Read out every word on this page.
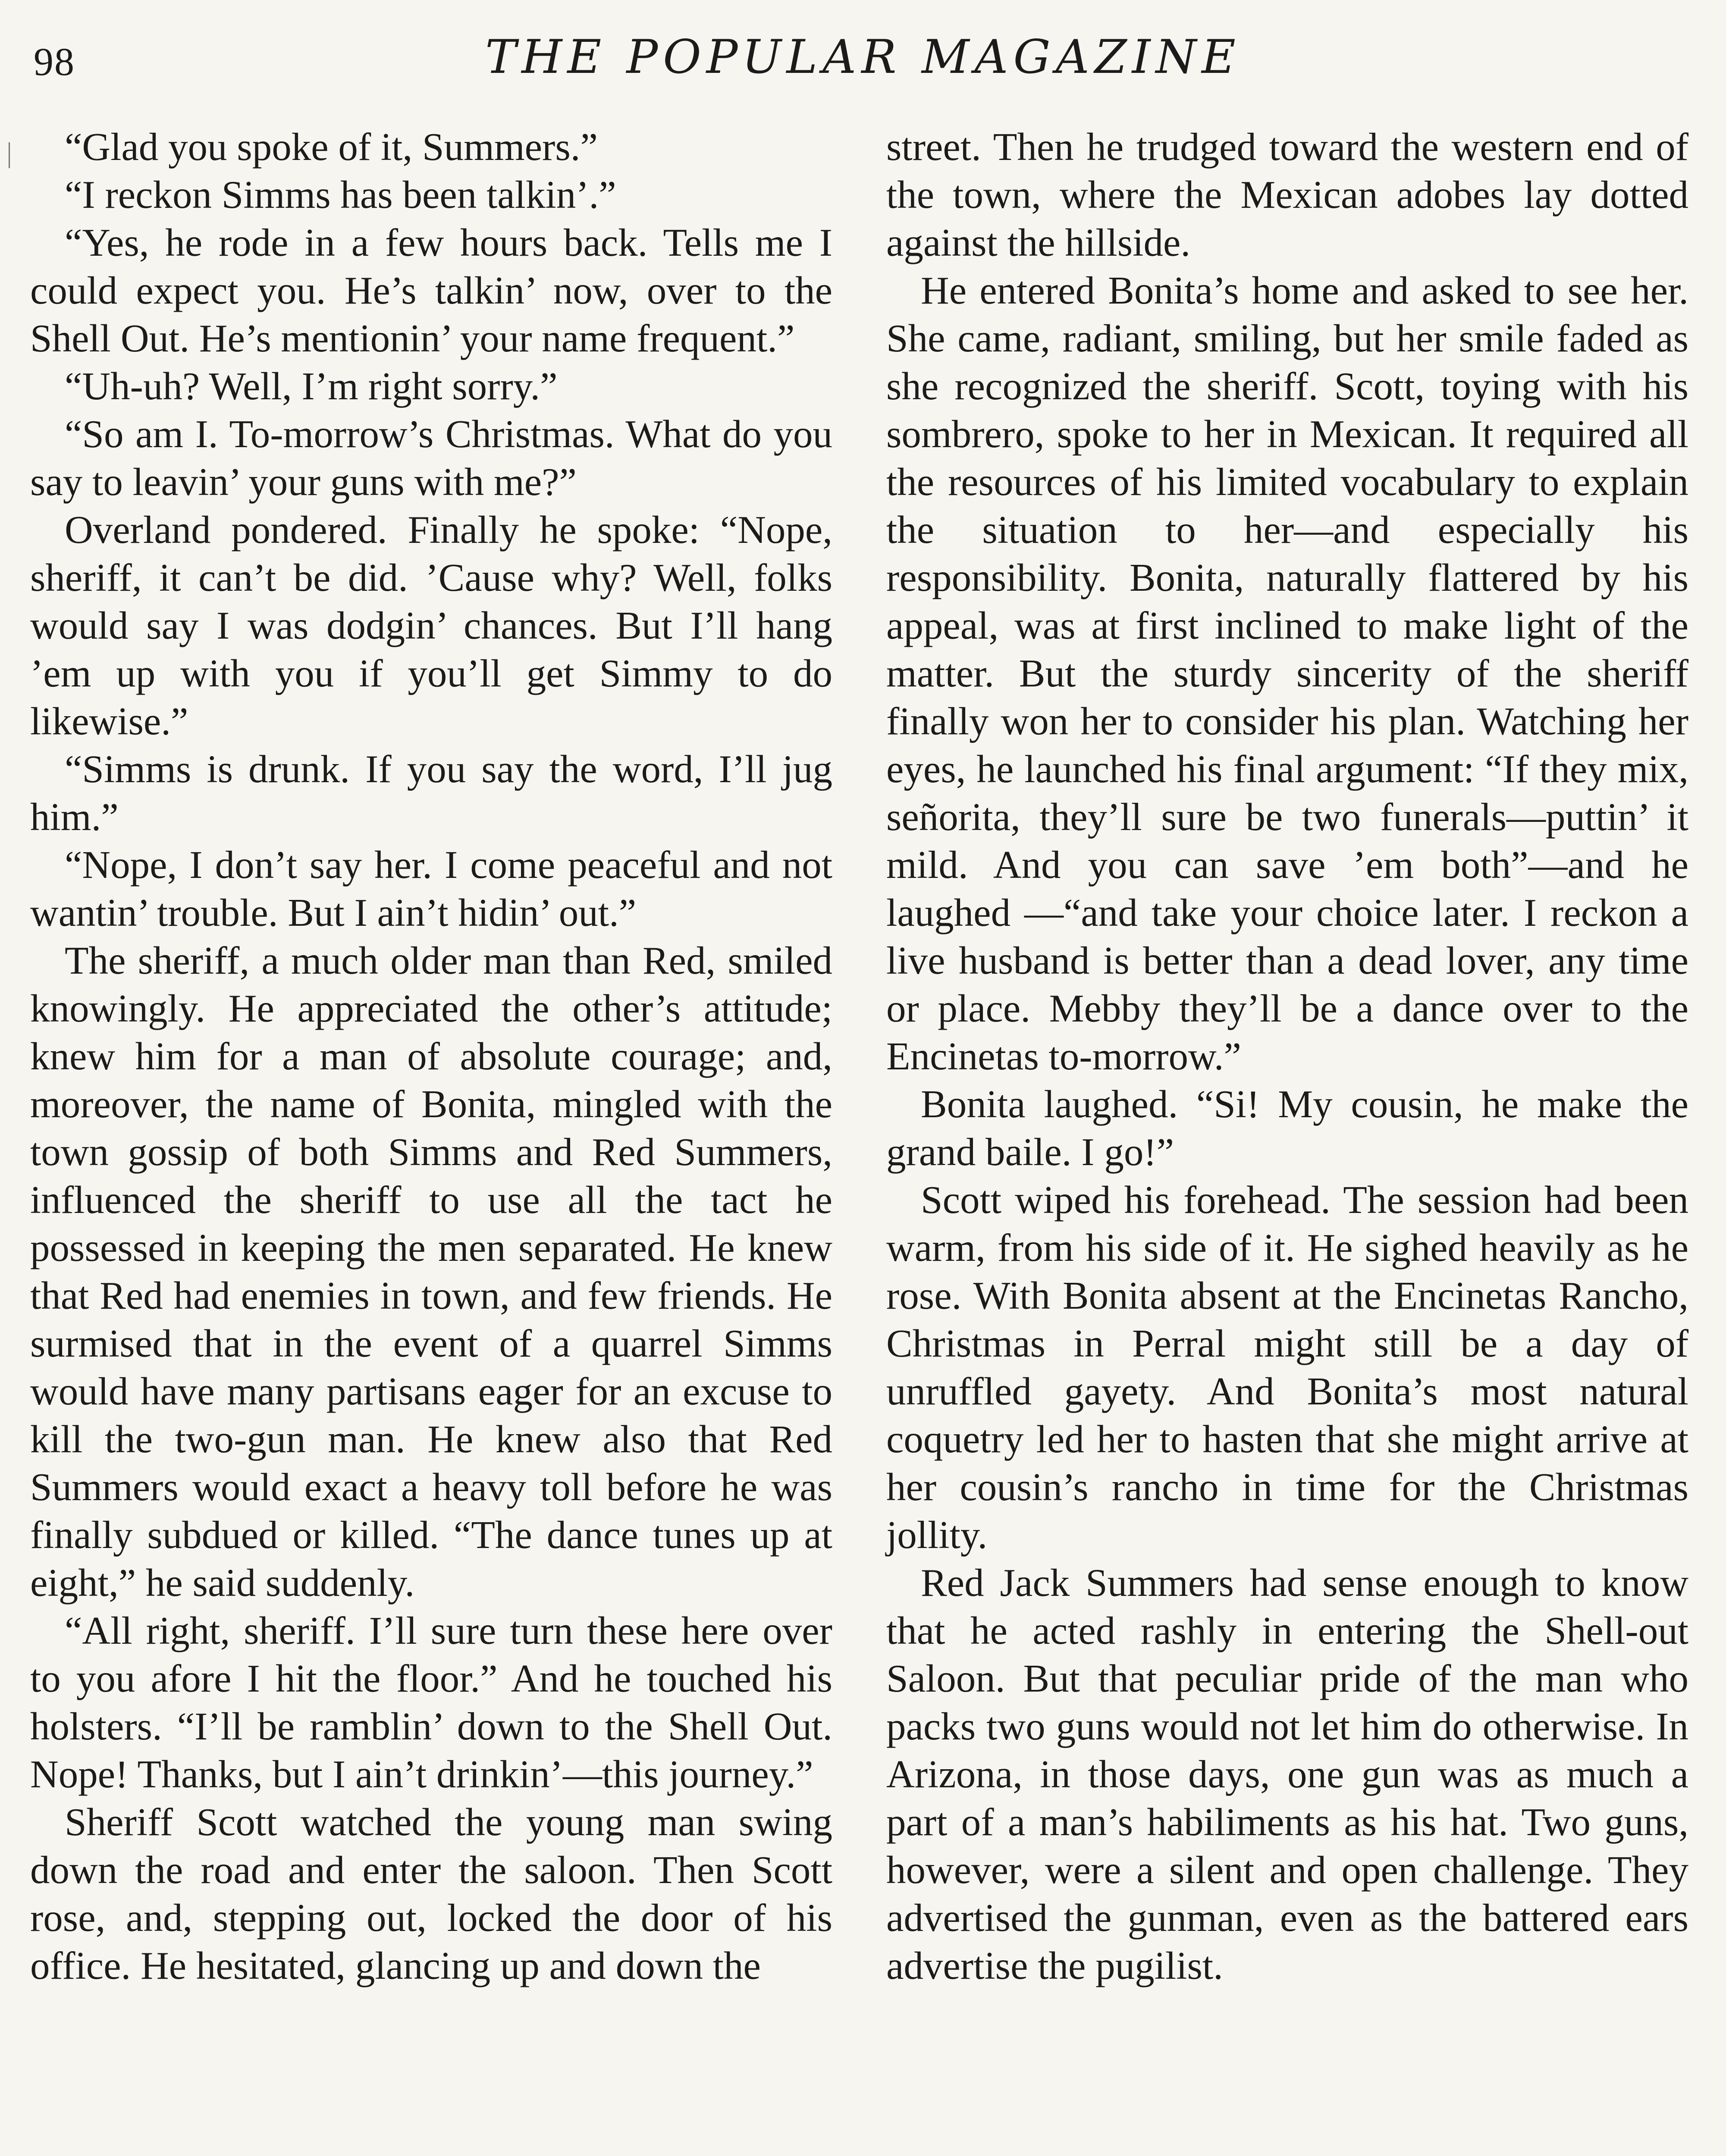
98	THE POPULAR MAGAZINE

“Glad you spoke of it, Summers.”

“I reckon Simms has been talkin’.”

“Yes, he rode in a few hours back. Tells me I could expect you. He’s talkin’ now, over to the Shell Out. He’s mentionin’ your name frequent.”

“Uh-uh? Well, I’m right sorry.”

“So am I. To-morrow’s Christmas. What do you say to leavin’ your guns with me?”

Overland pondered. Finally he spoke: “Nope, sheriff, it can’t be did. ’Cause why? Well, folks would say I was dodgin’ chances. But I’ll hang ’em up with you if you’ll get Simmy to do likewise.”

“Simms is drunk. If you say the word, I’ll jug him.”

“Nope, I don’t say her. I come peaceful and not wantin’ trouble. But I ain’t hidin’ out.”

The sheriff, a much older man than Red, smiled knowingly. He appreciated the other’s attitude; knew him for a man of absolute courage; and, moreover, the name of Bonita, mingled with the town gossip of both Simms and Red Summers, influenced the sheriff to use all the tact he possessed in keeping the men separated. He knew that Red had enemies in town, and few friends. He surmised that in the event of a quarrel Simms would have many partisans eager for an excuse to kill the two-gun man. He knew also that Red Summers would exact a heavy toll before he was finally subdued or killed. “The dance tunes up at eight,” he said suddenly.

“All right, sheriff. I’ll sure turn these here over to you afore I hit the floor.” And he touched his holsters. “I’ll be ramblin’ down to the Shell Out. Nope! Thanks, but I ain’t drinkin’—this journey.”

Sheriff Scott watched the young man swing down the road and enter the saloon. Then Scott rose, and, stepping out, locked the door of his office. He hesitated, glancing up and down the

street. Then he trudged toward the western end of the town, where the Mexican adobes lay dotted against the hillside.

He entered Bonita’s home and asked to see her. She came, radiant, smiling, but her smile faded as she recognized the sheriff. Scott, toying with his sombrero, spoke to her in Mexican. It required all the resources of his limited vocabulary to explain the situation to her—and especially his responsibility. Bonita, naturally flattered by his appeal, was at first inclined to make light of the matter. But the sturdy sincerity of the sheriff finally won her to consider his plan. Watching her eyes, he launched his final argument: “If they mix, señorita, they’ll sure be two funerals—puttin’ it mild. And you can save ’em both”—and he laughed —“and take your choice later. I reckon a live husband is better than a dead lover, any time or place. Mebby they’ll be a dance over to the Encinetas to-morrow.”

Bonita laughed. “Si! My cousin, he make the grand baile. I go!”

Scott wiped his forehead. The session had been warm, from his side of it. He sighed heavily as he rose. With Bonita absent at the Encinetas Rancho, Christmas in Perral might still be a day of unruffled gayety. And Bonita’s most natural coquetry led her to hasten that she might arrive at her cousin’s rancho in time for the Christmas jollity.

Red Jack Summers had sense enough to know that he acted rashly in entering the Shell-out Saloon. But that peculiar pride of the man who packs two guns would not let him do otherwise. In Arizona, in those days, one gun was as much a part of a man’s habiliments as his hat. Two guns, however, were a silent and open challenge. They advertised the gunman, even as the battered ears advertise the pugilist.
